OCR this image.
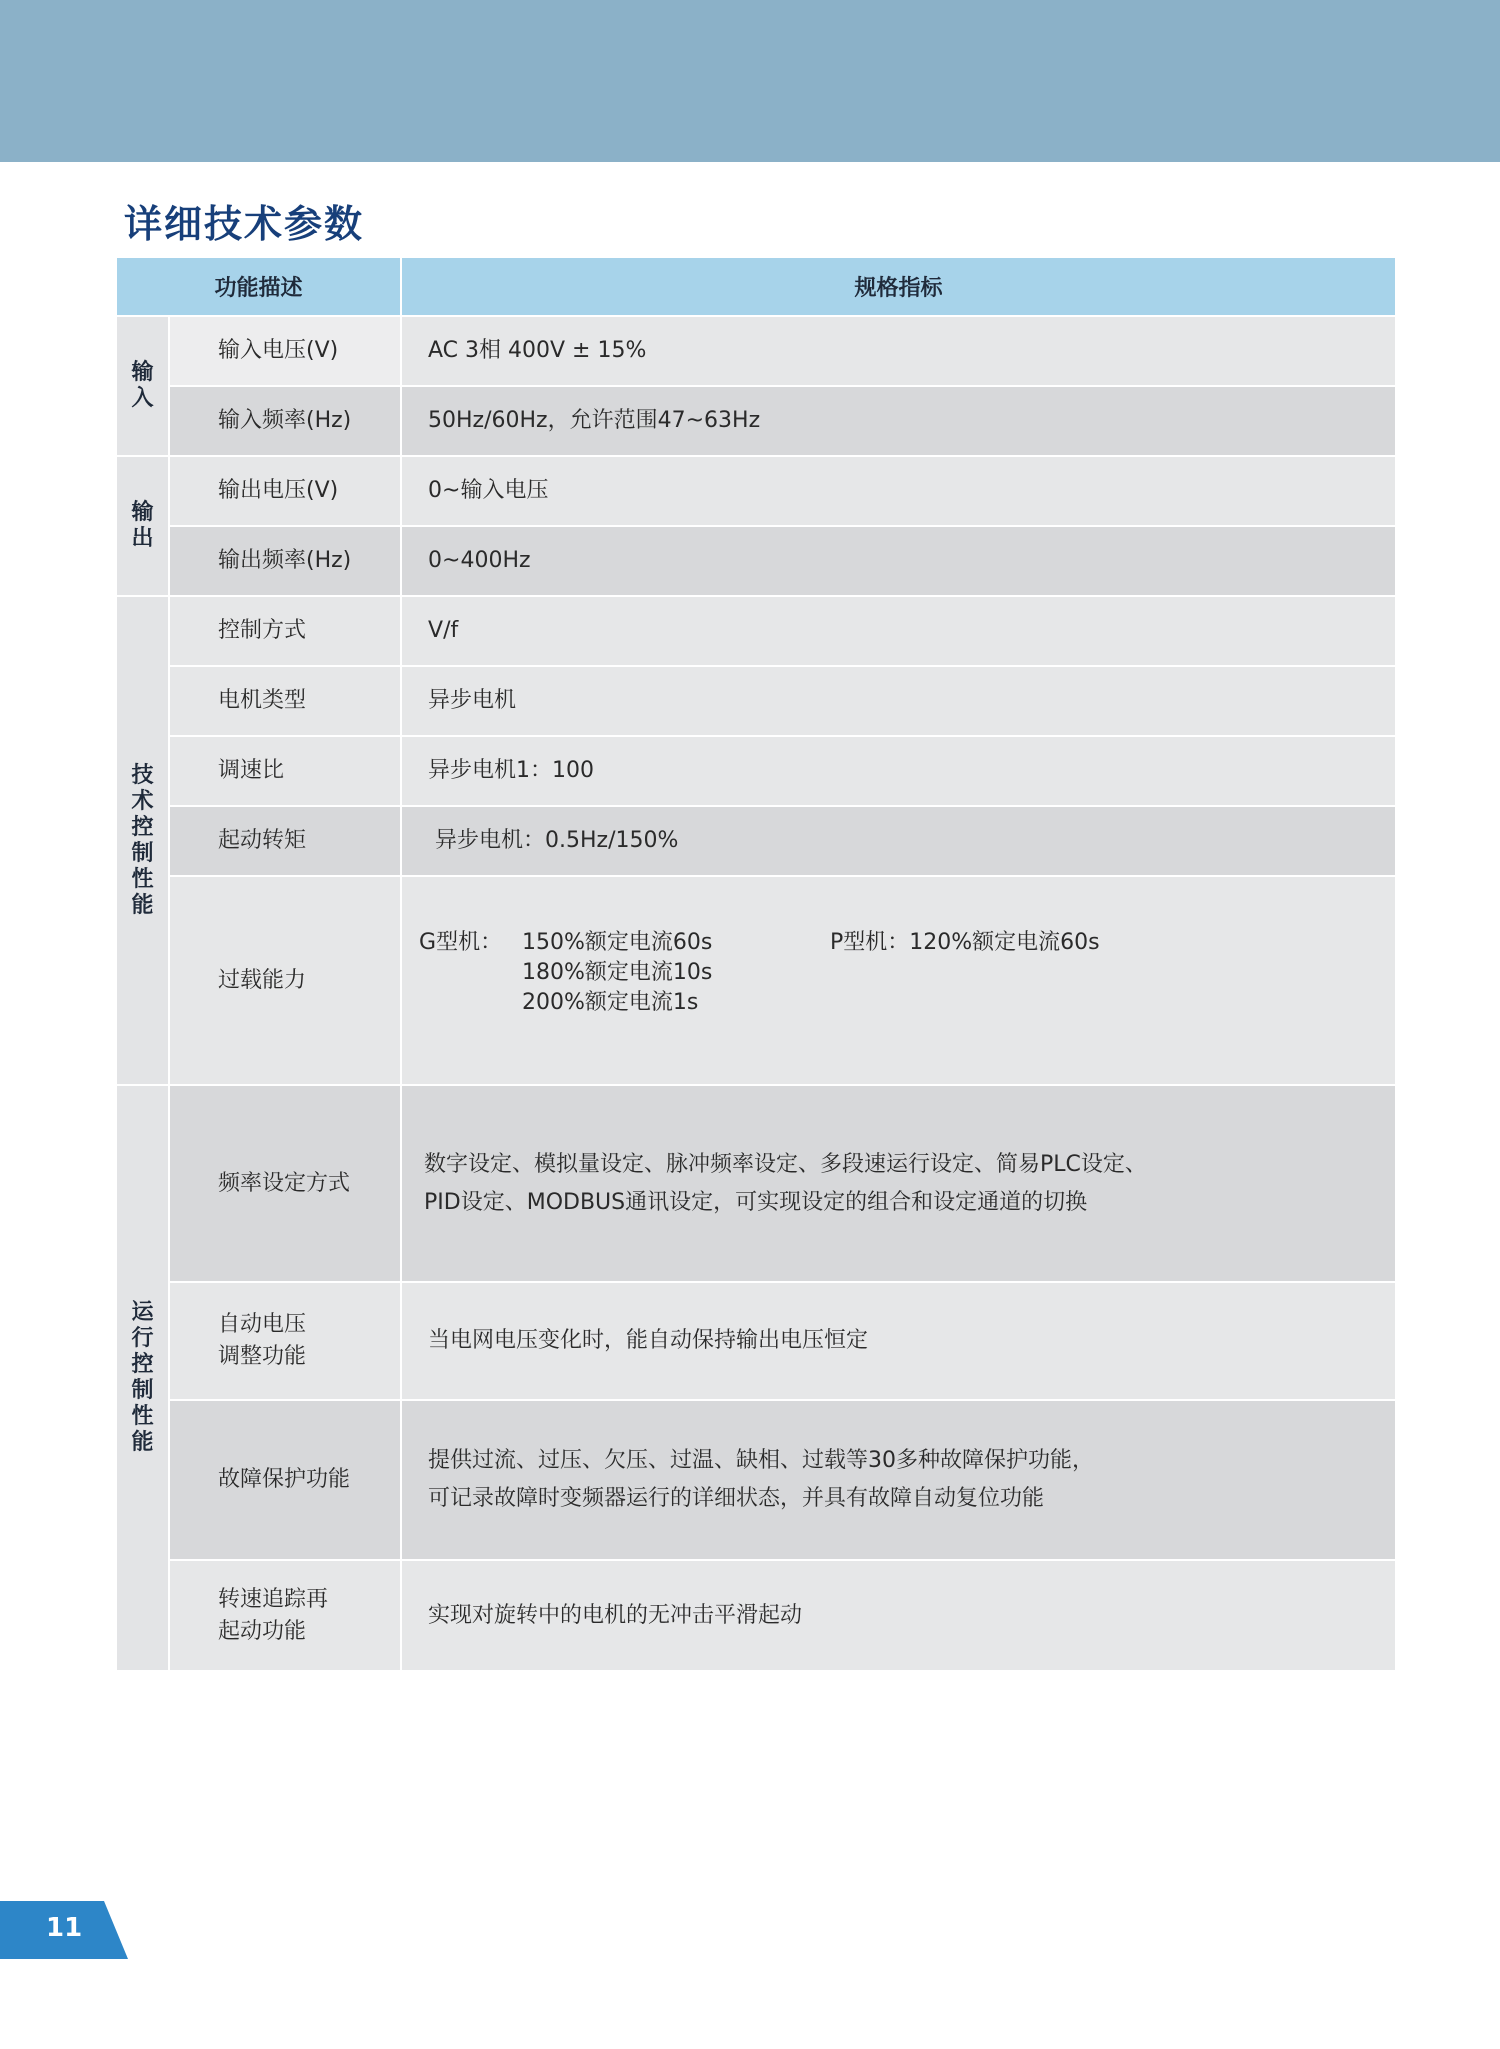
详细技术参数
功能描述		规格指标
输入	输入电压(V)	AC 3相 400V ± 15%
	输入频率(Hz)	50Hz/60Hz，允许范围47~63Hz
输出	输出电压(V)	0~输入电压
	输出频率(Hz)	0~400Hz
技术控制性能	控制方式	V/f
	电机类型	异步电机
	调速比	异步电机1：100
	起动转矩	异步电机：0.5Hz/150%
	过载能力	G型机： 150%额定电流60s
180%额定电流10s
200%额定电流1s
P型机：120%额定电流60s

运行控制性能	频率设定方式	数字设定、模拟量设定、脉冲频率设定、多段速运行设定、简易PLC设定、
PID设定、MODBUS通讯设定，可实现设定的组合和设定通道的切换

	自动电压
调整功能	当电网电压变化时，能自动保持输出电压恒定
	故障保护功能	提供过流、过压、欠压、过温、缺相、过载等30多种故障保护功能，
可记录故障时变频器运行的详细状态，并具有故障自动复位功能

	转速追踪再
起动功能	实现对旋转中的电机的无冲击平滑起动
11
